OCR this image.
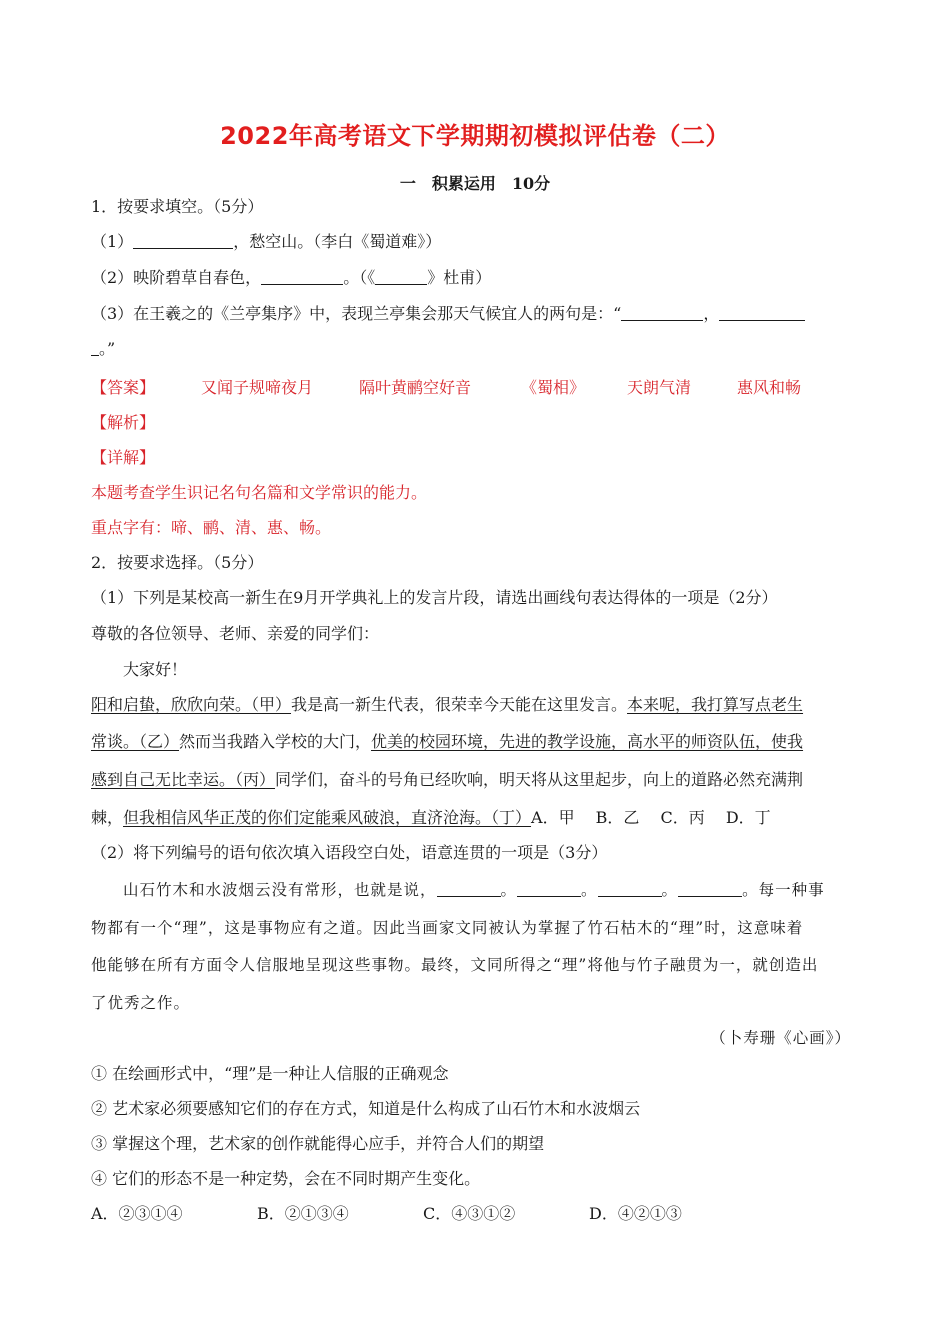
2022年高考语文下学期期初模拟评估卷（二）
一　积累运用　10分
1．按要求填空。（5分）
（1）	，愁空山。（李白《蜀道难》）
（2）映阶碧草自春色，	。（《	》杜甫）
（3）在王羲之的《兰亭集序》中，表现兰亭集会那天气候宜人的两句是：“	，
。”
【答案】	又闻子规啼夜月	隔叶黄鹂空好音	《蜀相》	天朗气清	惠风和畅
【解析】
【详解】
本题考查学生识记名句名篇和文学常识的能力。
重点字有：啼、鹂、清、惠、畅。
2．按要求选择。（5分）
（1）下列是某校高一新生在9月开学典礼上的发言片段，请选出画线句表达得体的一项是（2分）
尊敬的各位领导、老师、亲爱的同学们：
大家好！
阳和启蛰，欣欣向荣。（甲）我是高一新生代表，很荣幸今天能在这里发言。本来呢，我打算写点老生
常谈。（乙）然而当我踏入学校的大门，优美的校园环境，先进的教学设施，高水平的师资队伍，使我
感到自己无比幸运。（丙）同学们，奋斗的号角已经吹响，明天将从这里起步，向上的道路必然充满荆
棘，但我相信风华正茂的你们定能乘风破浪，直济沧海。（丁）A．甲　 B．乙　 C．丙　 D．丁
（2）将下列编号的语句依次填入语段空白处，语意连贯的一项是（3分）
山石竹木和水波烟云没有常形，也就是说，	。	。	。	。每一种事
物都有一个“理”，这是事物应有之道。因此当画家文同被认为掌握了竹石枯木的“理”时，这意味着
他能够在所有方面令人信服地呈现这些事物。最终，文同所得之“理”将他与竹子融贯为一，就创造出
了优秀之作。
（卜寿珊《心画》）
① 在绘画形式中，“理”是一种让人信服的正确观念
② 艺术家必须要感知它们的存在方式，知道是什么构成了山石竹木和水波烟云
③ 掌握这个理，艺术家的创作就能得心应手，并符合人们的期望
④ 它们的形态不是一种定势，会在不同时期产生变化。
A．②③①④	B．②①③④	C．④③①②	D．④②①③
